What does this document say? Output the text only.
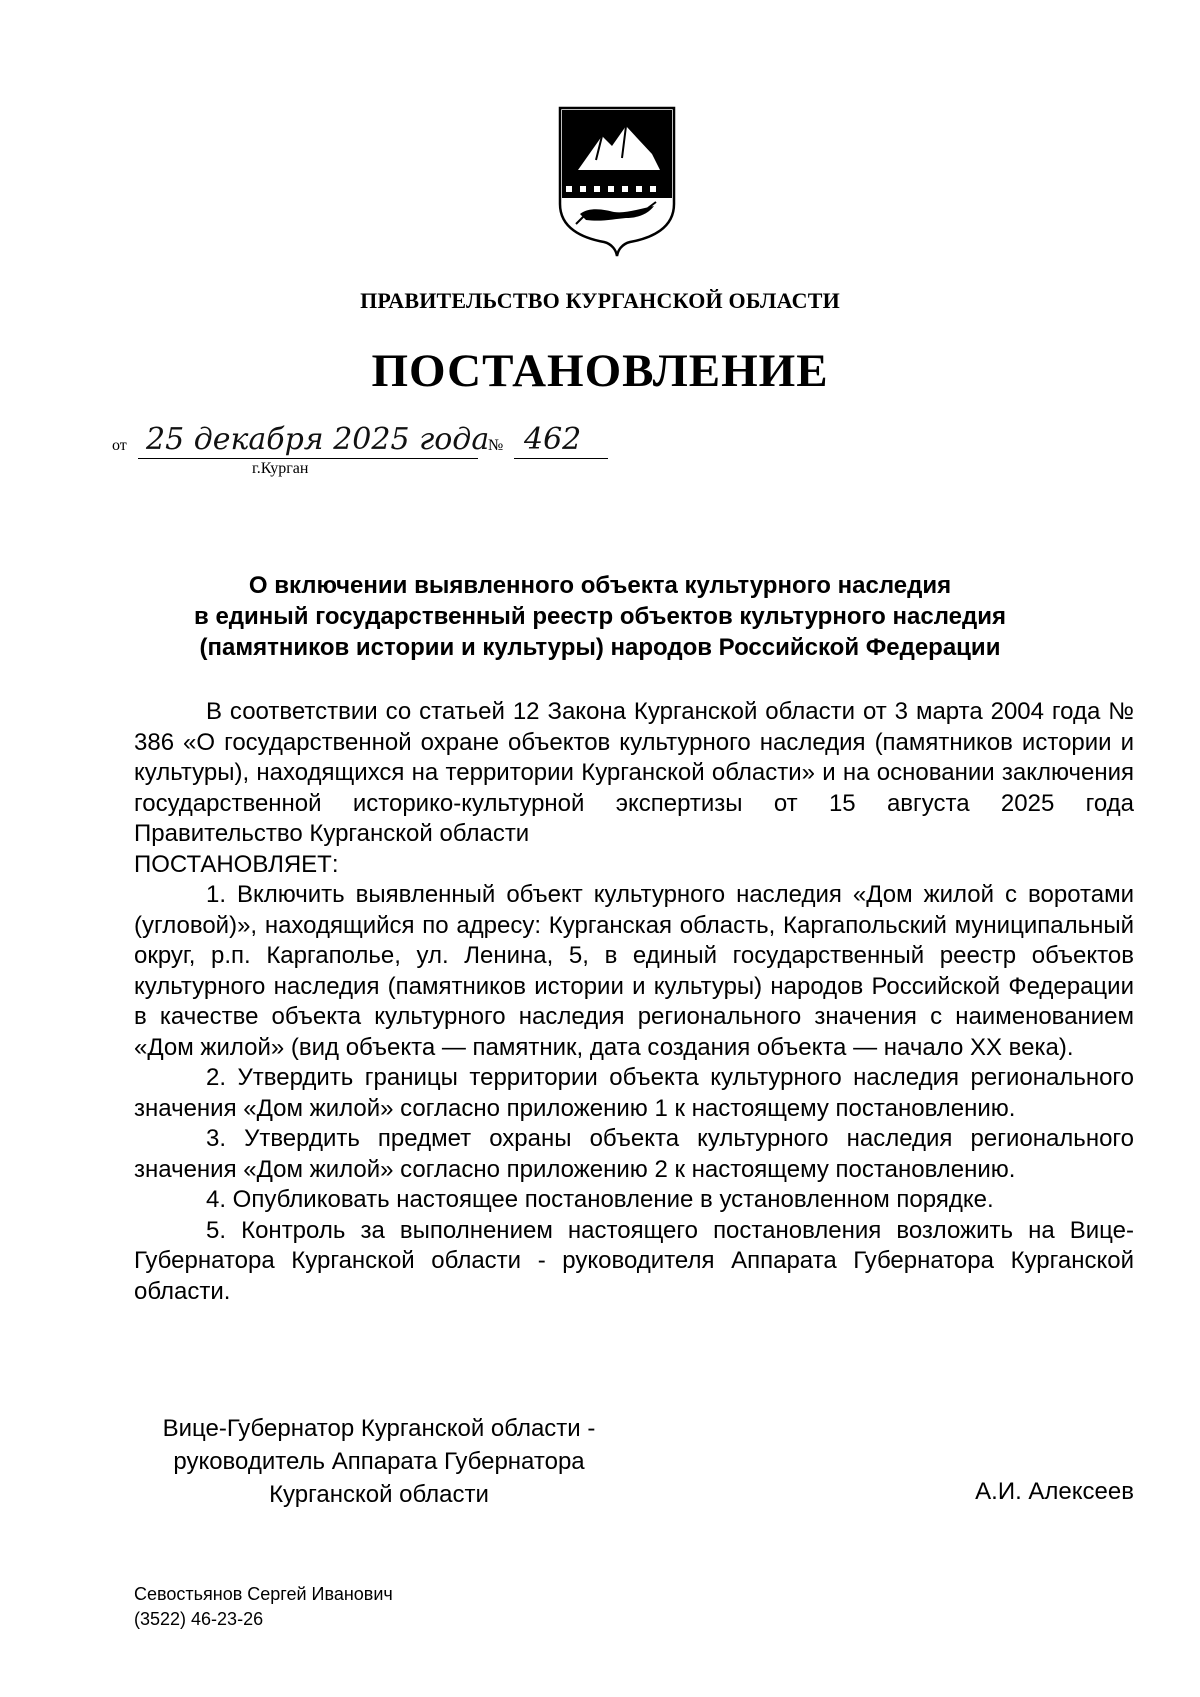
ПРАВИТЕЛЬСТВО КУРГАНСКОЙ ОБЛАСТИ
ПОСТАНОВЛЕНИЕ
от 25 декабря 2025 года
№ 462
г.Курган
О включении выявленного объекта культурного наследия
в единый государственный реестр объектов культурного наследия
(памятников истории и культуры) народов Российской Федерации

В соответствии со статьей 12 Закона Курганской области от 3 марта 2004 года № 386 «О государственной охране объектов культурного наследия (памятников истории и культуры), находящихся на территории Курганской области» и на основании заключения государственной историко-культурной экспертизы от 15 августа 2025 года Правительство Курганской области

ПОСТАНОВЛЯЕТ:

1. Включить выявленный объект культурного наследия «Дом жилой с воротами (угловой)», находящийся по адресу: Курганская область, Каргапольский муниципальный округ, р.п. Каргаполье, ул. Ленина, 5, в единый государственный реестр объектов культурного наследия (памятников истории и культуры) народов Российской Федерации в качестве объекта культурного наследия регионального значения с наименованием «Дом жилой» (вид объекта — памятник, дата создания объекта — начало XX века).

2. Утвердить границы территории объекта культурного наследия регионального значения «Дом жилой» согласно приложению 1 к настоящему постановлению.

3. Утвердить предмет охраны объекта культурного наследия регионального значения «Дом жилой» согласно приложению 2 к настоящему постановлению.

4. Опубликовать настоящее постановление в установленном порядке.

5. Контроль за выполнением настоящего постановления возложить на Вице-Губернатора Курганской области - руководителя Аппарата Губернатора Курганской области.

Вице-Губернатор Курганской области -
руководитель Аппарата Губернатора
Курганской области	А.И. Алексеев
Севостьянов Сергей Иванович
(3522) 46-23-26
